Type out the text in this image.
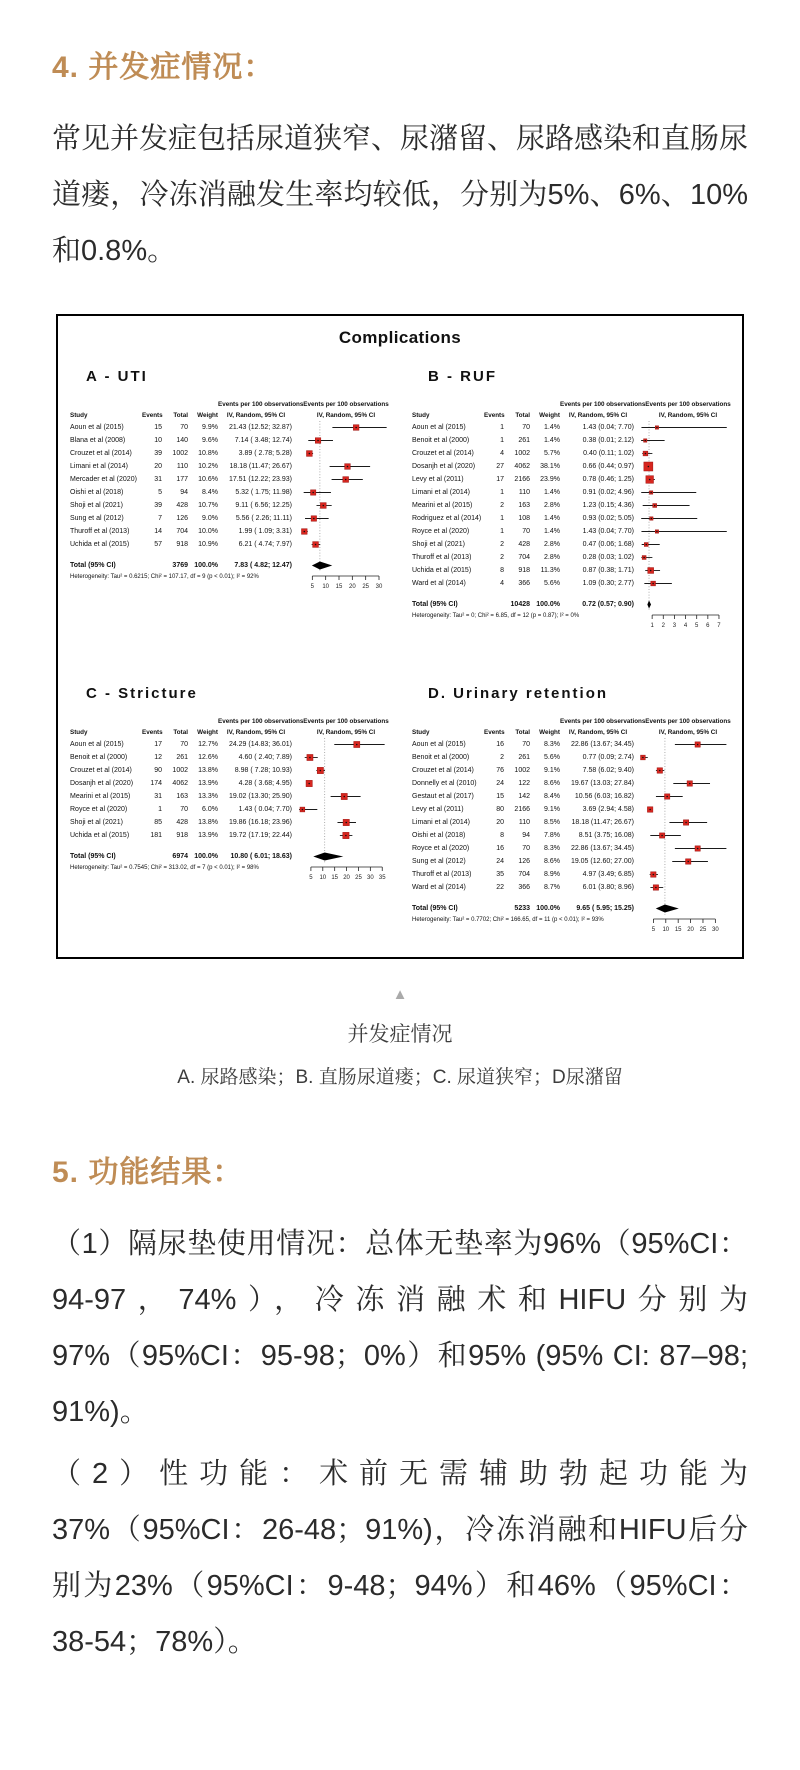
4. 并发症情况：

常见并发症包括尿道狭窄、尿潴留、尿路感染和直肠尿道瘘，冷冻消融发生率均较低，分别为5%、6%、10%和0.8%。

Complications
A - UTI
Events per 100 observations
Study	Events	Total	Weight	IV, Random, 95% CI
Aoun et al (2015)	15	70	9.9%	21.43 (12.52; 32.87)
Blana et al (2008)	10	140	9.6%	7.14 ( 3.48; 12.74)
Crouzet et al (2014)	39	1002	10.8%	3.89 ( 2.78; 5.28)
Limani et al (2014)	20	110	10.2%	18.18 (11.47; 26.67)
Mercader et al (2020)	31	177	10.6%	17.51 (12.22; 23.93)
Oishi et al (2018)	5	94	8.4%	5.32 ( 1.75; 11.98)
Shoji et al (2021)	39	428	10.7%	9.11 ( 6.56; 12.25)
Sung et al (2012)	7	126	9.0%	5.56 ( 2.26; 11.11)
Thuroff et al (2013)	14	704	10.0%	1.99 ( 1.09; 3.31)
Uchida et al (2015)	57	918	10.9%	6.21 ( 4.74; 7.97)
Total (95% CI)	3769 100.0%	7.83 ( 4.82; 12.47)
Heterogeneity: Tau² = 0.6215; Chi² = 107.17, df = 9 (p < 0.01); I² = 92%
Events per 100 observations
IV, Random, 95% CI
5 10 15 20 25 30
B - RUF
Events per 100 observations
Study	Events	Total	Weight	IV, Random, 95% CI
Aoun et al (2015)	1	70	1.4%	1.43 (0.04; 7.70)
Benoit et al (2000)	1	261	1.4%	0.38 (0.01; 2.12)
Crouzet et al (2014)	4	1002	5.7%	0.40 (0.11; 1.02)
Dosanjh et al (2020)	27	4062	38.1%	0.66 (0.44; 0.97)
Levy et al (2011)	17	2166	23.9%	0.78 (0.46; 1.25)
Limani et al (2014)	1	110	1.4%	0.91 (0.02; 4.96)
Mearini et al (2015)	2	163	2.8%	1.23 (0.15; 4.36)
Rodriguez et al (2014)	1	108	1.4%	0.93 (0.02; 5.05)
Royce et al (2020)	1	70	1.4%	1.43 (0.04; 7.70)
Shoji et al (2021)	2	428	2.8%	0.47 (0.06; 1.68)
Thuroff et al (2013)	2	704	2.8%	0.28 (0.03; 1.02)
Uchida et al (2015)	8	918	11.3%	0.87 (0.38; 1.71)
Ward et al (2014)	4	366	5.6%	1.09 (0.30; 2.77)
Total (95% CI)	10428 100.0%	0.72 (0.57; 0.90)
Heterogeneity: Tau² = 0; Chi² = 6.85, df = 12 (p = 0.87); I² = 0%
Events per 100 observations
IV, Random, 95% CI
1 2 3 4 5 6 7
C - Stricture
Events per 100 observations
Study	Events	Total	Weight	IV, Random, 95% CI
Aoun et al (2015)	17	70	12.7%	24.29 (14.83; 36.01)
Benoit et al (2000)	12	261	12.6%	4.60 ( 2.40; 7.89)
Crouzet et al (2014)	90	1002	13.8%	8.98 ( 7.28; 10.93)
Dosanjh et al (2020)	174	4062	13.9%	4.28 ( 3.68; 4.95)
Mearini et al (2015)	31	163	13.3%	19.02 (13.30; 25.90)
Royce et al (2020)	1	70	6.0%	1.43 ( 0.04; 7.70)
Shoji et al (2021)	85	428	13.8%	19.86 (16.18; 23.96)
Uchida et al (2015)	181	918	13.9%	19.72 (17.19; 22.44)
Total (95% CI)	6974 100.0%	10.80 ( 6.01; 18.63)
Heterogeneity: Tau² = 0.7545; Chi² = 313.02, df = 7 (p < 0.01); I² = 98%
Events per 100 observations
IV, Random, 95% CI
5 10 15 20 25 30 35
D. Urinary retention
Events per 100 observations
Study	Events	Total	Weight	IV, Random, 95% CI
Aoun et al (2015)	16	70	8.3%	22.86 (13.67; 34.45)
Benoit et al (2000)	2	261	5.6%	0.77 (0.09; 2.74)
Crouzet et al (2014)	76	1002	9.1%	7.58 (6.02; 9.40)
Donnelly et al (2010)	24	122	8.6%	19.67 (13.03; 27.84)
Gestaut et al (2017)	15	142	8.4%	10.56 (6.03; 16.82)
Levy et al (2011)	80	2166	9.1%	3.69 (2.94; 4.58)
Limani et al (2014)	20	110	8.5%	18.18 (11.47; 26.67)
Oishi et al (2018)	8	94	7.8%	8.51 (3.75; 16.08)
Royce et al (2020)	16	70	8.3%	22.86 (13.67; 34.45)
Sung et al (2012)	24	126	8.6%	19.05 (12.60; 27.00)
Thuroff et al (2013)	35	704	8.9%	4.97 (3.49; 6.85)
Ward et al (2014)	22	366	8.7%	6.01 (3.80; 8.96)
Total (95% CI)	5233 100.0%	9.65 ( 5.95; 15.25)
Heterogeneity: Tau² = 0.7702; Chi² = 166.65, df = 11 (p < 0.01); I² = 93%
Events per 100 observations
IV, Random, 95% CI
5 10 15 20 25 30
▲
并发症情况
A. 尿路感染；B. 直肠尿道瘘；C. 尿道狭窄；D尿潴留
5. 功能结果：

（1）隔尿垫使用情况：总体无垫率为96%（95%CI：94-97，74%），冷冻消融术和HIFU分别为97%（95%CI：95-98；0%）和95% (95% CI: 87–98; 91%)。

（2）性功能：术前无需辅助勃起功能为37%（95%CI：26-48；91%)，冷冻消融和HIFU后分别为23%（95%CI：9-48；94%）和46%（95%CI：38-54；78%）。
